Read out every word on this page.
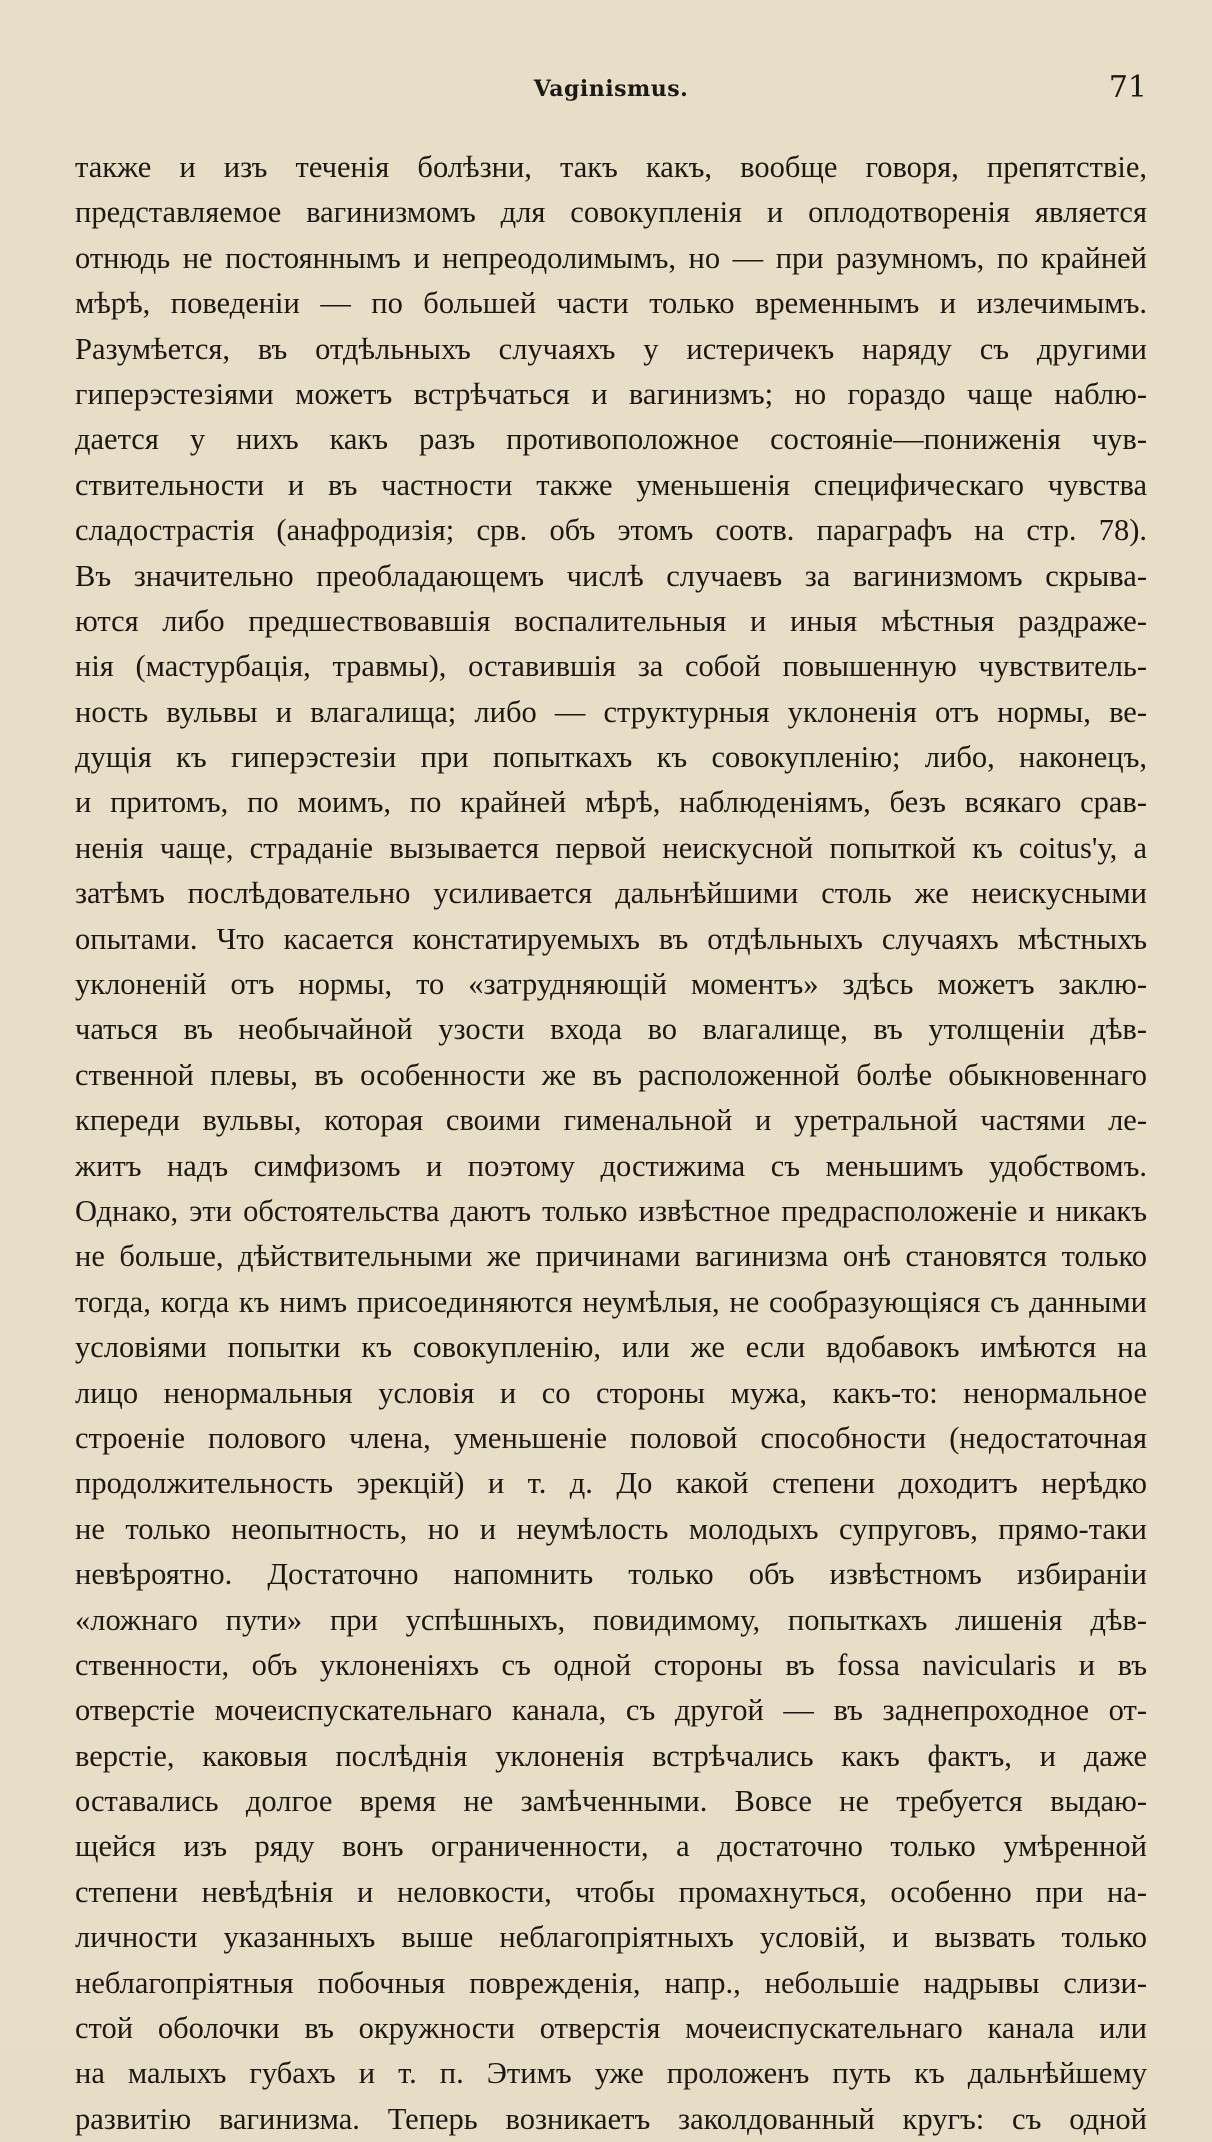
Vaginismus.	71
также и изъ теченія болѣзни, такъ какъ, вообще говоря, препятствіе,
представляемое вагинизмомъ для совокупленія и оплодотворенія является
отнюдь не постояннымъ и непреодолимымъ, но — при разумномъ, по крайней
мѣрѣ, поведеніи — по большей части только временнымъ и излечимымъ.
Разумѣется, въ отдѣльныхъ случаяхъ у истеричекъ наряду съ другими
гиперэстезіями можетъ встрѣчаться и вагинизмъ; но гораздо чаще наблю-
дается у нихъ какъ разъ противоположное состояніе—пониженія чув-
ствительности и въ частности также уменьшенія специфическаго чувства
сладострастія (анафродизія; срв. объ этомъ соотв. параграфъ на стр. 78).
Въ значительно преобладающемъ числѣ случаевъ за вагинизмомъ скрыва-
ются либо предшествовавшія воспалительныя и иныя мѣстныя раздраже-
нія (мастурбація, травмы), оставившія за собой повышенную чувствитель-
ность вульвы и влагалища; либо — структурныя уклоненія отъ нормы, ве-
дущія къ гиперэстезіи при попыткахъ къ совокупленію; либо, наконецъ,
и притомъ, по моимъ, по крайней мѣрѣ, наблюденіямъ, безъ всякаго срав-
ненія чаще, страданіе вызывается первой неискусной попыткой къ coitus'у, а
затѣмъ послѣдовательно усиливается дальнѣйшими столь же неискусными
опытами. Что касается констатируемыхъ въ отдѣльныхъ случаяхъ мѣстныхъ
уклоненій отъ нормы, то «затрудняющій моментъ» здѣсь можетъ заклю-
чаться въ необычайной узости входа во влагалище, въ утолщеніи дѣв-
ственной плевы, въ особенности же въ расположенной болѣе обыкновеннаго
кпереди вульвы, которая своими гименальной и уретральной частями ле-
житъ надъ симфизомъ и поэтому достижима съ меньшимъ удобствомъ.
Однако, эти обстоятельства даютъ только извѣстное предрасположеніе и никакъ
не больше, дѣйствительными же причинами вагинизма онѣ становятся только
тогда, когда къ нимъ присоединяются неумѣлыя, не сообразующіяся съ данными
условіями попытки къ совокупленію, или же если вдобавокъ имѣются на
лицо ненормальныя условія и со стороны мужа, какъ-то: ненормальное
строеніе полового члена, уменьшеніе половой способности (недостаточная
продолжительность эрекцій) и т. д. До какой степени доходитъ нерѣдко
не только неопытность, но и неумѣлость молодыхъ супруговъ, прямо-таки
невѣроятно. Достаточно напомнить только объ извѣстномъ избираніи
«ложнаго пути» при успѣшныхъ, повидимому, попыткахъ лишенія дѣв-
ственности, объ уклоненіяхъ съ одной стороны въ fossa navicularis и въ
отверстіе мочеиспускательнаго канала, съ другой — въ заднепроходное от-
верстіе, каковыя послѣднія уклоненія встрѣчались какъ фактъ, и даже
оставались долгое время не замѣченными. Вовсе не требуется выдаю-
щейся изъ ряду вонъ ограниченности, а достаточно только умѣренной
степени невѣдѣнія и неловкости, чтобы промахнуться, особенно при на-
личности указанныхъ выше неблагопріятныхъ условій, и вызвать только
неблагопріятныя побочныя поврежденія, напр., небольшіе надрывы слизи-
стой оболочки въ окружности отверстія мочеиспускательнаго канала или
на малыхъ губахъ и т. п. Этимъ уже проложенъ путь къ дальнѣйшему
развитію вагинизма. Теперь возникаетъ заколдованный кругъ: съ одной
